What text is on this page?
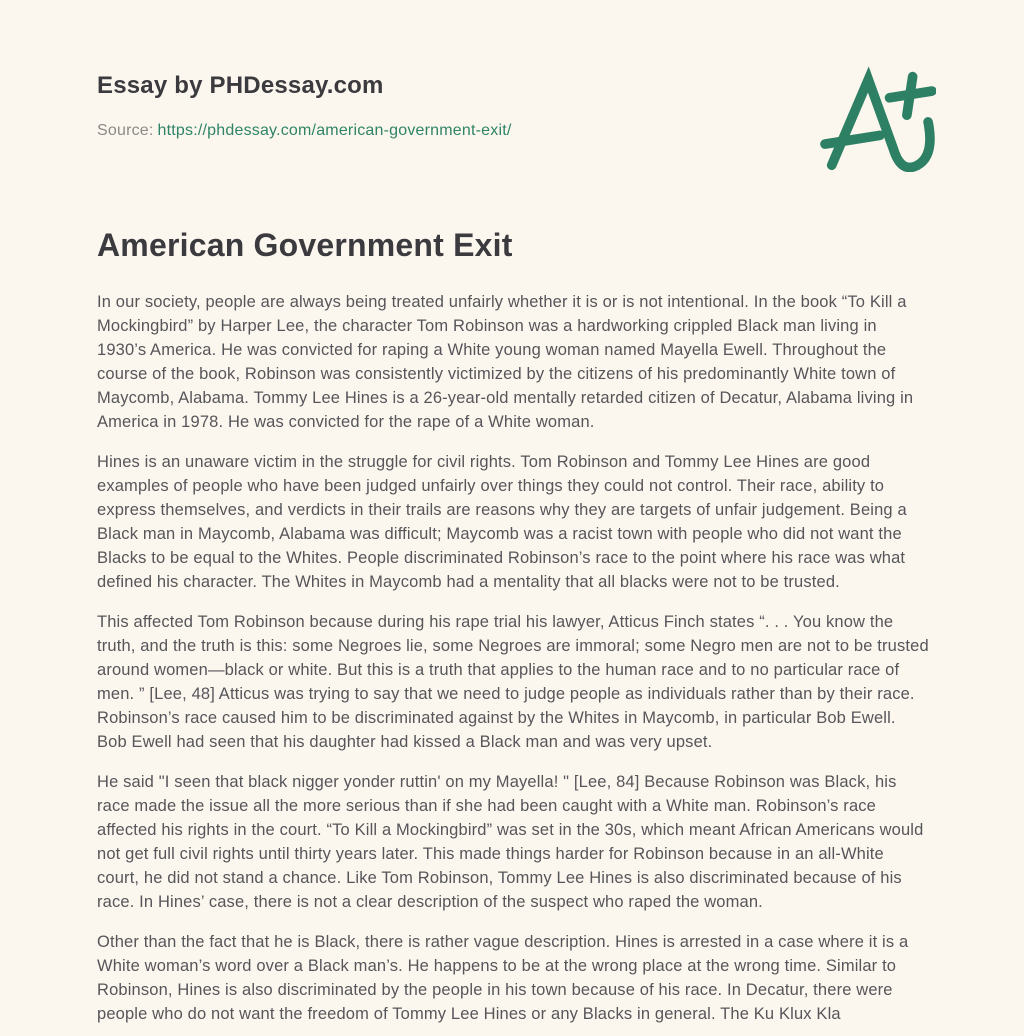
Essay by PHDessay.com
Source: https://phdessay.com/american-government-exit/
American Government Exit

In our society, people are always being treated unfairly whether it is or is not intentional. In the book “To Kill a Mockingbird” by Harper Lee, the character Tom Robinson was a hardworking crippled Black man living in 1930’s America. He was convicted for raping a White young woman named Mayella Ewell. Throughout the course of the book, Robinson was consistently victimized by the citizens of his predominantly White town of Maycomb, Alabama. Tommy Lee Hines is a 26-year-old mentally retarded citizen of Decatur, Alabama living in America in 1978. He was convicted for the rape of a White woman.

Hines is an unaware victim in the struggle for civil rights. Tom Robinson and Tommy Lee Hines are good examples of people who have been judged unfairly over things they could not control. Their race, ability to express themselves, and verdicts in their trails are reasons why they are targets of unfair judgement. Being a Black man in Maycomb, Alabama was difficult; Maycomb was a racist town with people who did not want the Blacks to be equal to the Whites. People discriminated Robinson’s race to the point where his race was what defined his character. The Whites in Maycomb had a mentality that all blacks were not to be trusted.

This affected Tom Robinson because during his rape trial his lawyer, Atticus Finch states “. . . You know the truth, and the truth is this: some Negroes lie, some Negroes are immoral; some Negro men are not to be trusted around women—black or white. But this is a truth that applies to the human race and to no particular race of men. ” [Lee, 48] Atticus was trying to say that we need to judge people as individuals rather than by their race. Robinson’s race caused him to be discriminated against by the Whites in Maycomb, in particular Bob Ewell. Bob Ewell had seen that his daughter had kissed a Black man and was very upset.

He said "I seen that black nigger yonder ruttin' on my Mayella! " [Lee, 84] Because Robinson was Black, his race made the issue all the more serious than if she had been caught with a White man. Robinson’s race affected his rights in the court. “To Kill a Mockingbird” was set in the 30s, which meant African Americans would not get full civil rights until thirty years later. This made things harder for Robinson because in an all-White court, he did not stand a chance. Like Tom Robinson, Tommy Lee Hines is also discriminated because of his race. In Hines’ case, there is not a clear description of the suspect who raped the woman.

Other than the fact that he is Black, there is rather vague description. Hines is arrested in a case where it is a White woman’s word over a Black man’s. He happens to be at the wrong place at the wrong time. Similar to Robinson, Hines is also discriminated by the people in his town because of his race. In Decatur, there were people who do not want the freedom of Tommy Lee Hines or any Blacks in general. The Ku Klux Kla
